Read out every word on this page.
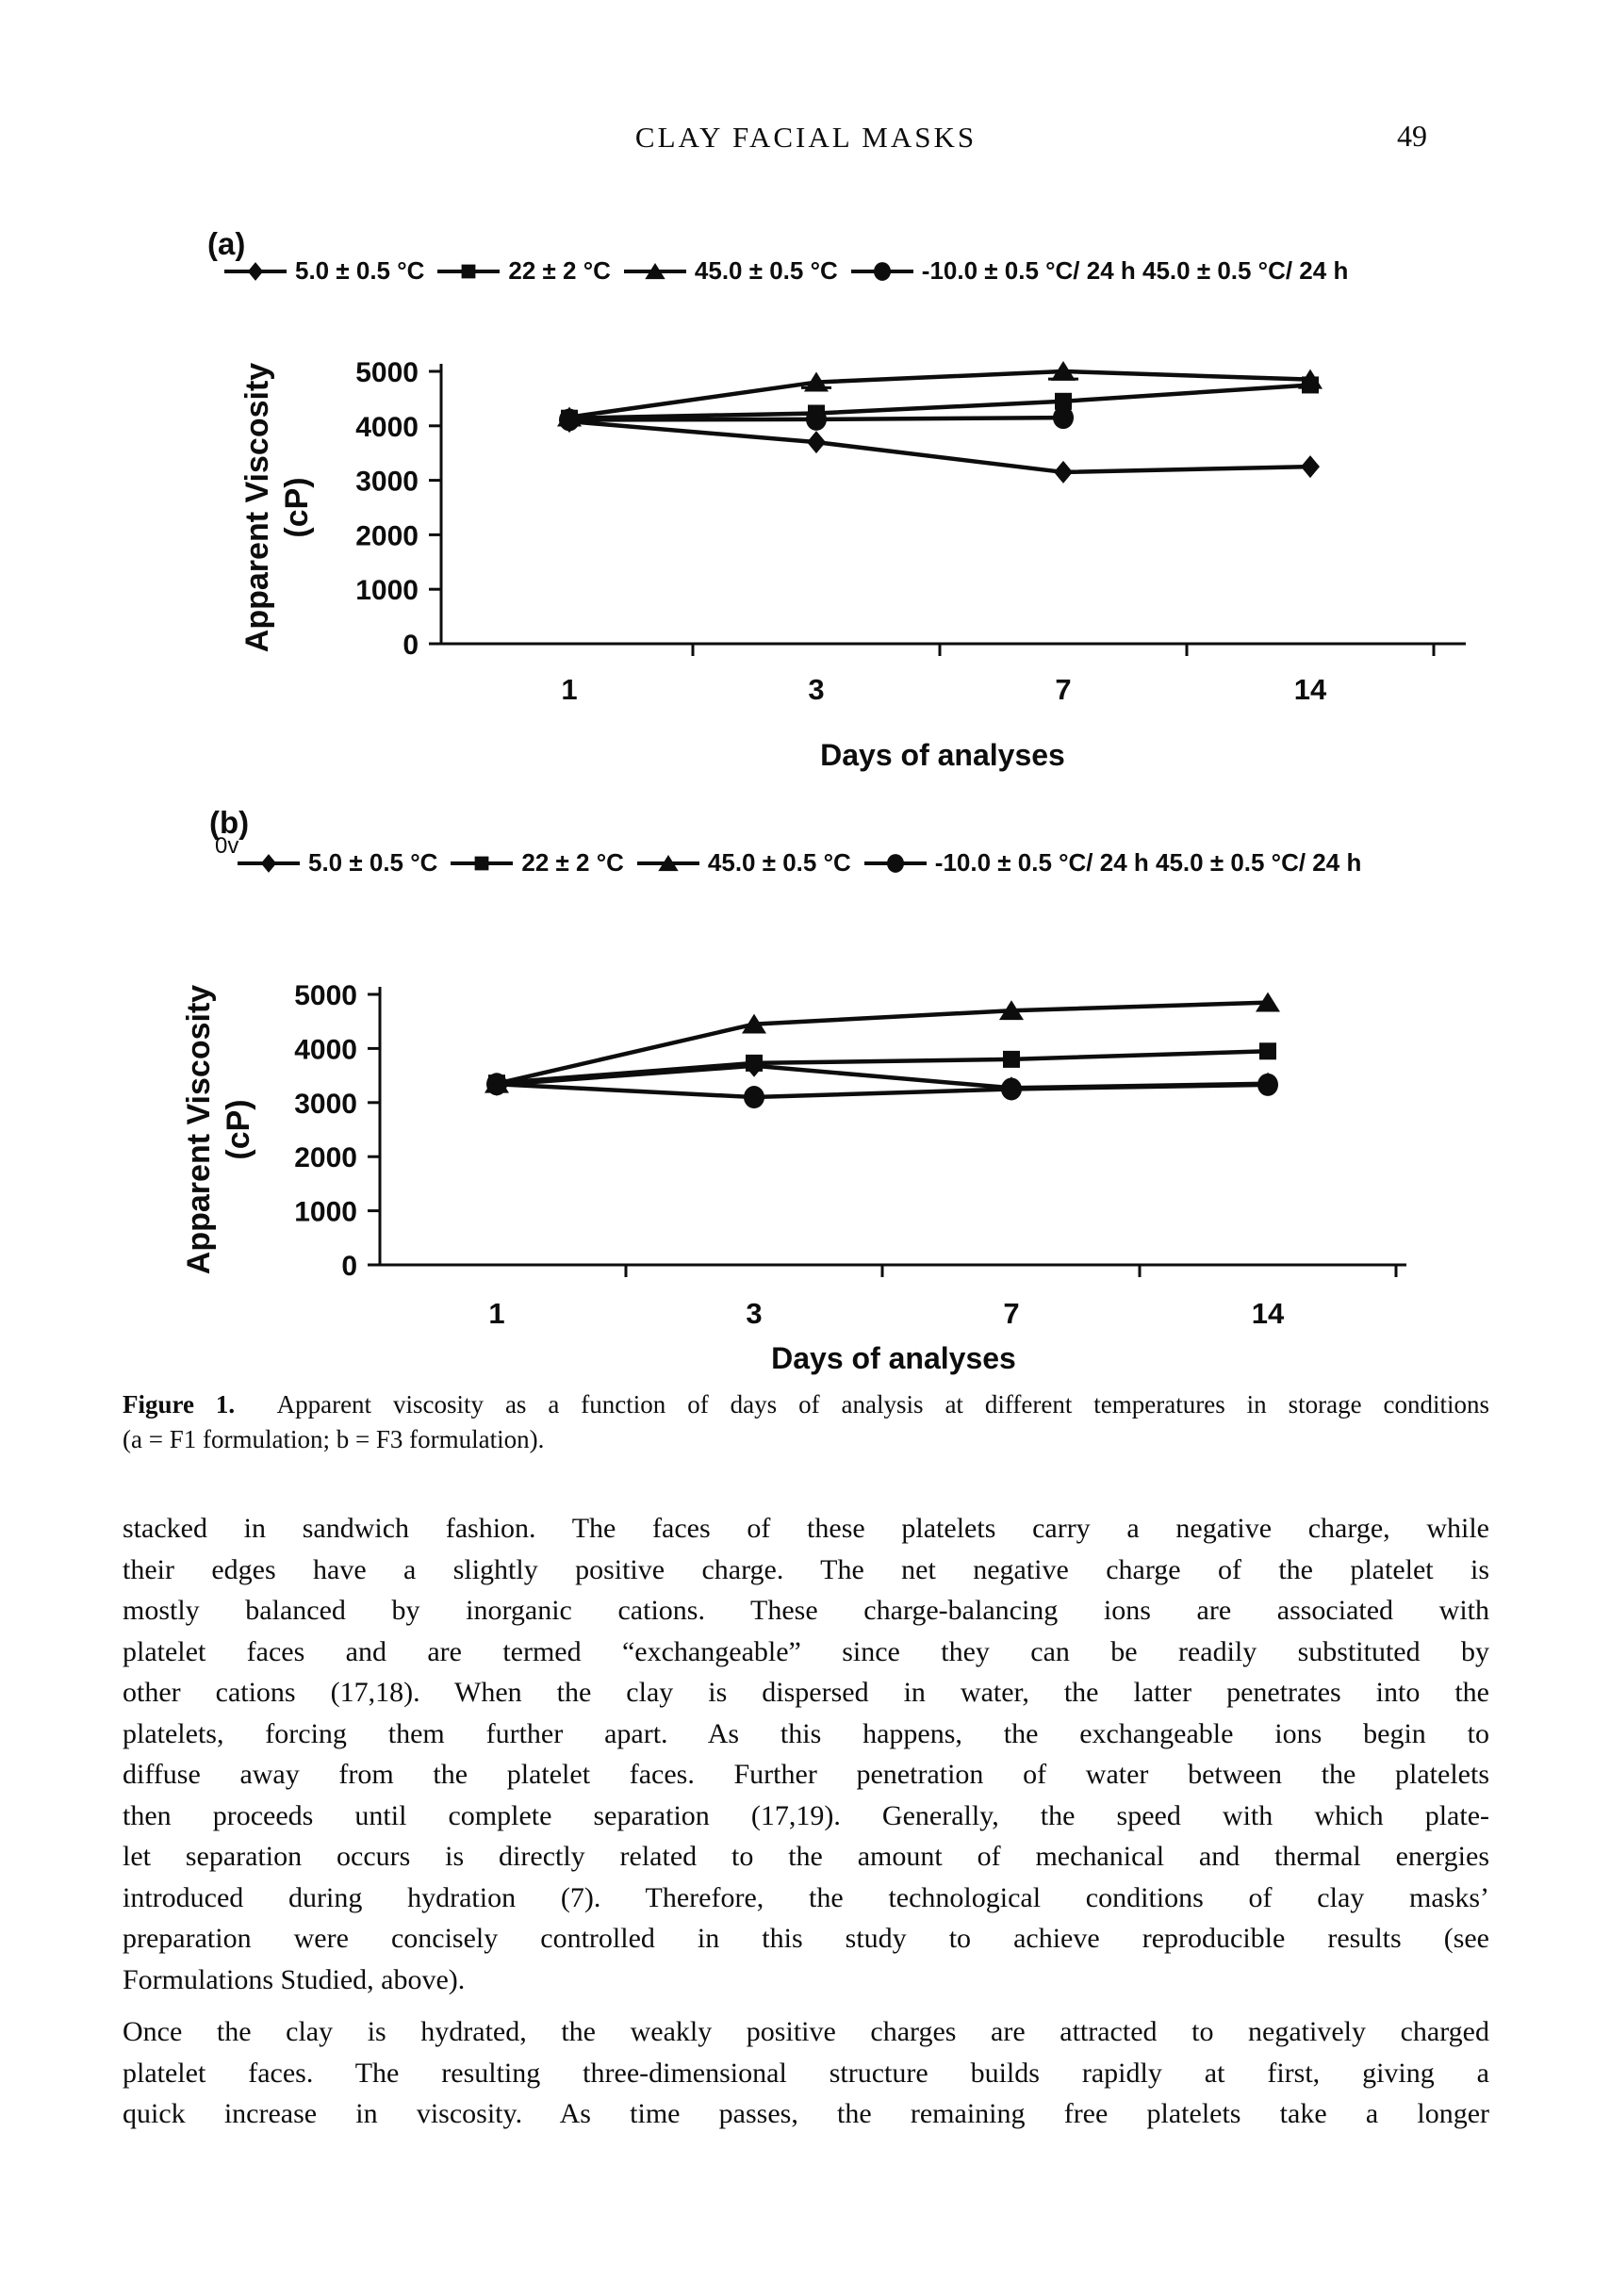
CLAY FACIAL MASKS	49
(a)
5.0 ± 0.5 °C	22 ± 2 °C	45.0 ± 0.5 °C	-10.0 ± 0.5 °C/ 24 h 45.0 ± 0.5 °C/ 24 h
0
1000
2000
3000
4000
5000
1	3	7	14
Days of analyses
Apparent Viscosity (cP)
(b)
0v
5.0 ± 0.5 °C	22 ± 2 °C	45.0 ± 0.5 °C	-10.0 ± 0.5 °C/ 24 h 45.0 ± 0.5 °C/ 24 h
0
1000
2000
3000
4000
5000
1	3	7	14
Days of analyses
Apparent Viscosity (cP)
Figure 1. Apparent viscosity as a function of days of analysis at different temperatures in storage conditions
(a = F1 formulation; b = F3 formulation).
stacked in sandwich fashion. The faces of these platelets carry a negative charge, while
their edges have a slightly positive charge. The net negative charge of the platelet is
mostly balanced by inorganic cations. These charge-balancing ions are associated with
platelet faces and are termed “exchangeable” since they can be readily substituted by
other cations (17,18). When the clay is dispersed in water, the latter penetrates into the
platelets, forcing them further apart. As this happens, the exchangeable ions begin to
diffuse away from the platelet faces. Further penetration of water between the platelets
then proceeds until complete separation (17,19). Generally, the speed with which plate-
let separation occurs is directly related to the amount of mechanical and thermal energies
introduced during hydration (7). Therefore, the technological conditions of clay masks’
preparation were concisely controlled in this study to achieve reproducible results (see
Formulations Studied, above).
Once the clay is hydrated, the weakly positive charges are attracted to negatively charged
platelet faces. The resulting three-dimensional structure builds rapidly at first, giving a
quick increase in viscosity. As time passes, the remaining free platelets take a longer
